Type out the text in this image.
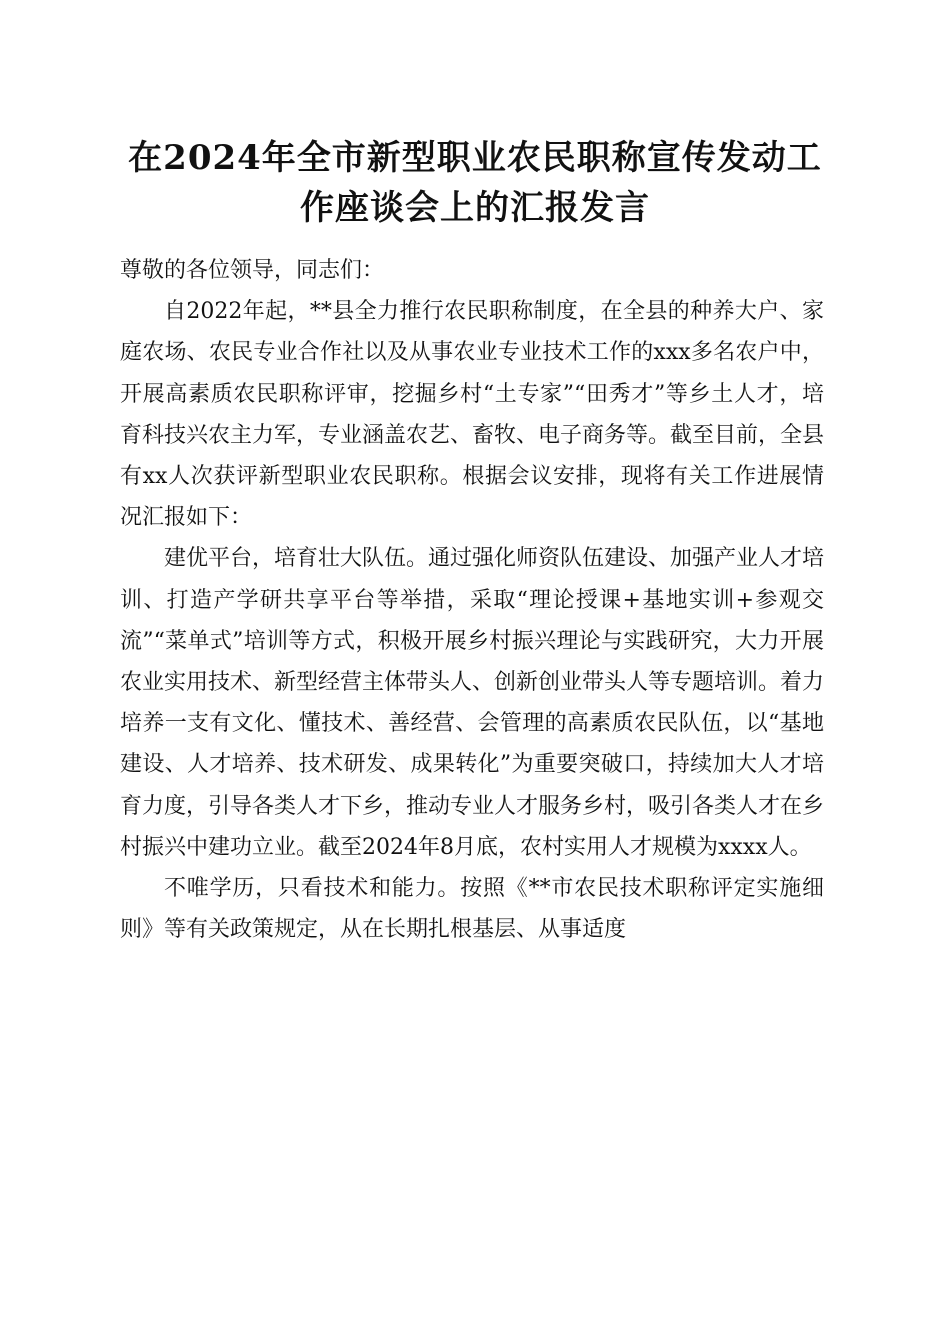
在2024年全市新型职业农民职称宣传发动工
作座谈会上的汇报发言

尊敬的各位领导，同志们：

自2022年起，**县全力推行农民职称制度，在全县的种养大户、家庭农场、农民专业合作社以及从事农业专业技术工作的xxx多名农户中，开展高素质农民职称评审，挖掘乡村“土专家”“田秀才”等乡土人才，培育科技兴农主力军，专业涵盖农艺、畜牧、电子商务等。截至目前，全县有xx人次获评新型职业农民职称。根据会议安排，现将有关工作进展情况汇报如下：

建优平台，培育壮大队伍。通过强化师资队伍建设、加强产业人才培训、打造产学研共享平台等举措，采取“理论授课+基地实训+参观交流”“菜单式”培训等方式，积极开展乡村振兴理论与实践研究，大力开展农业实用技术、新型经营主体带头人、创新创业带头人等专题培训。着力培养一支有文化、懂技术、善经营、会管理的高素质农民队伍，以“基地建设、人才培养、技术研发、成果转化”为重要突破口，持续加大人才培育力度，引导各类人才下乡，推动专业人才服务乡村，吸引各类人才在乡村振兴中建功立业。截至2024年8月底，农村实用人才规模为xxxx人。

不唯学历，只看技术和能力。按照《**市农民技术职称评定实施细则》等有关政策规定，从在长期扎根基层、从事适度
